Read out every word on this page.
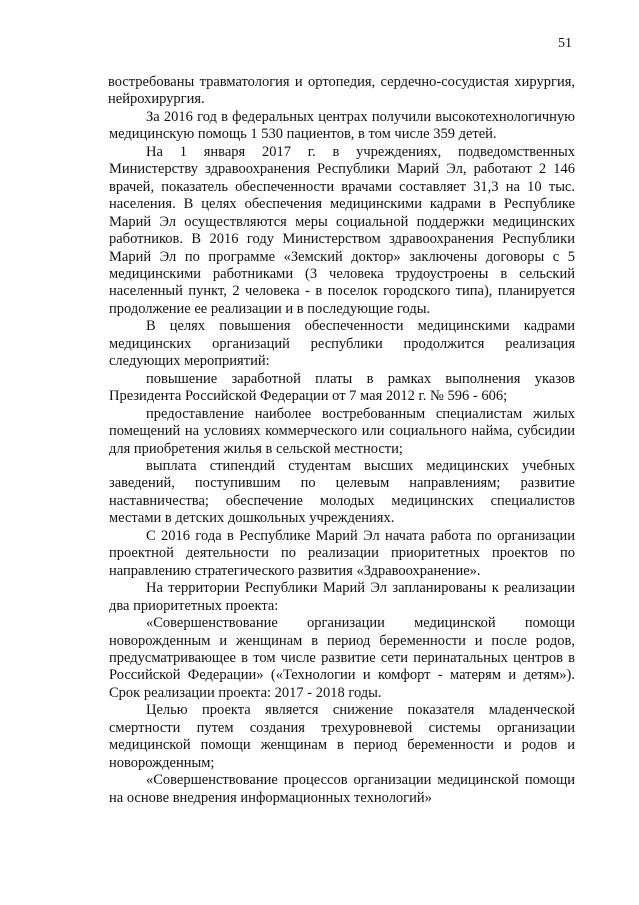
51

востребованы травматология и ортопедия, сердечно-сосудистая хирургия, нейрохирургия.

За 2016 год в федеральных центрах получили высокотехнологичную медицинскую помощь 1 530 пациентов, в том числе 359 детей.

На 1 января 2017 г. в учреждениях, подведомственных Министерству здравоохранения Республики Марий Эл, работают 2 146 врачей, показатель обеспеченности врачами составляет 31,3 на 10 тыс. населения. В целях обеспечения медицинскими кадрами в Республике Марий Эл осуществляются меры социальной поддержки медицинских работников. В 2016 году Министерством здравоохранения Республики Марий Эл по программе «Земский доктор» заключены договоры с 5 медицинскими работниками (3 человека трудоустроены в сельский населенный пункт, 2 человека - в поселок городского типа), планируется продолжение ее реализации и в последующие годы.

В целях повышения обеспеченности медицинскими кадрами медицинских организаций республики продолжится реализация следующих мероприятий:

повышение заработной платы в рамках выполнения указов Президента Российской Федерации от 7 мая 2012 г. № 596 - 606;

предоставление наиболее востребованным специалистам жилых помещений на условиях коммерческого или социального найма, субсидии для приобретения жилья в сельской местности;

выплата стипендий студентам высших медицинских учебных заведений, поступившим по целевым направлениям; развитие наставничества; обеспечение молодых медицинских специалистов местами в детских дошкольных учреждениях.

С 2016 года в Республике Марий Эл начата работа по организации проектной деятельности по реализации приоритетных проектов по направлению стратегического развития «Здравоохранение».

На территории Республики Марий Эл запланированы к реализации два приоритетных проекта:

«Совершенствование организации медицинской помощи новорожденным и женщинам в период беременности и после родов, предусматривающее в том числе развитие сети перинатальных центров в Российской Федерации» («Технологии и комфорт - матерям и детям»). Срок реализации проекта: 2017 - 2018 годы.

Целью проекта является снижение показателя младенческой смертности путем создания трехуровневой системы организации медицинской помощи женщинам в период беременности и родов и новорожденным;

«Совершенствование процессов организации медицинской помощи на основе внедрения информационных технологий»
